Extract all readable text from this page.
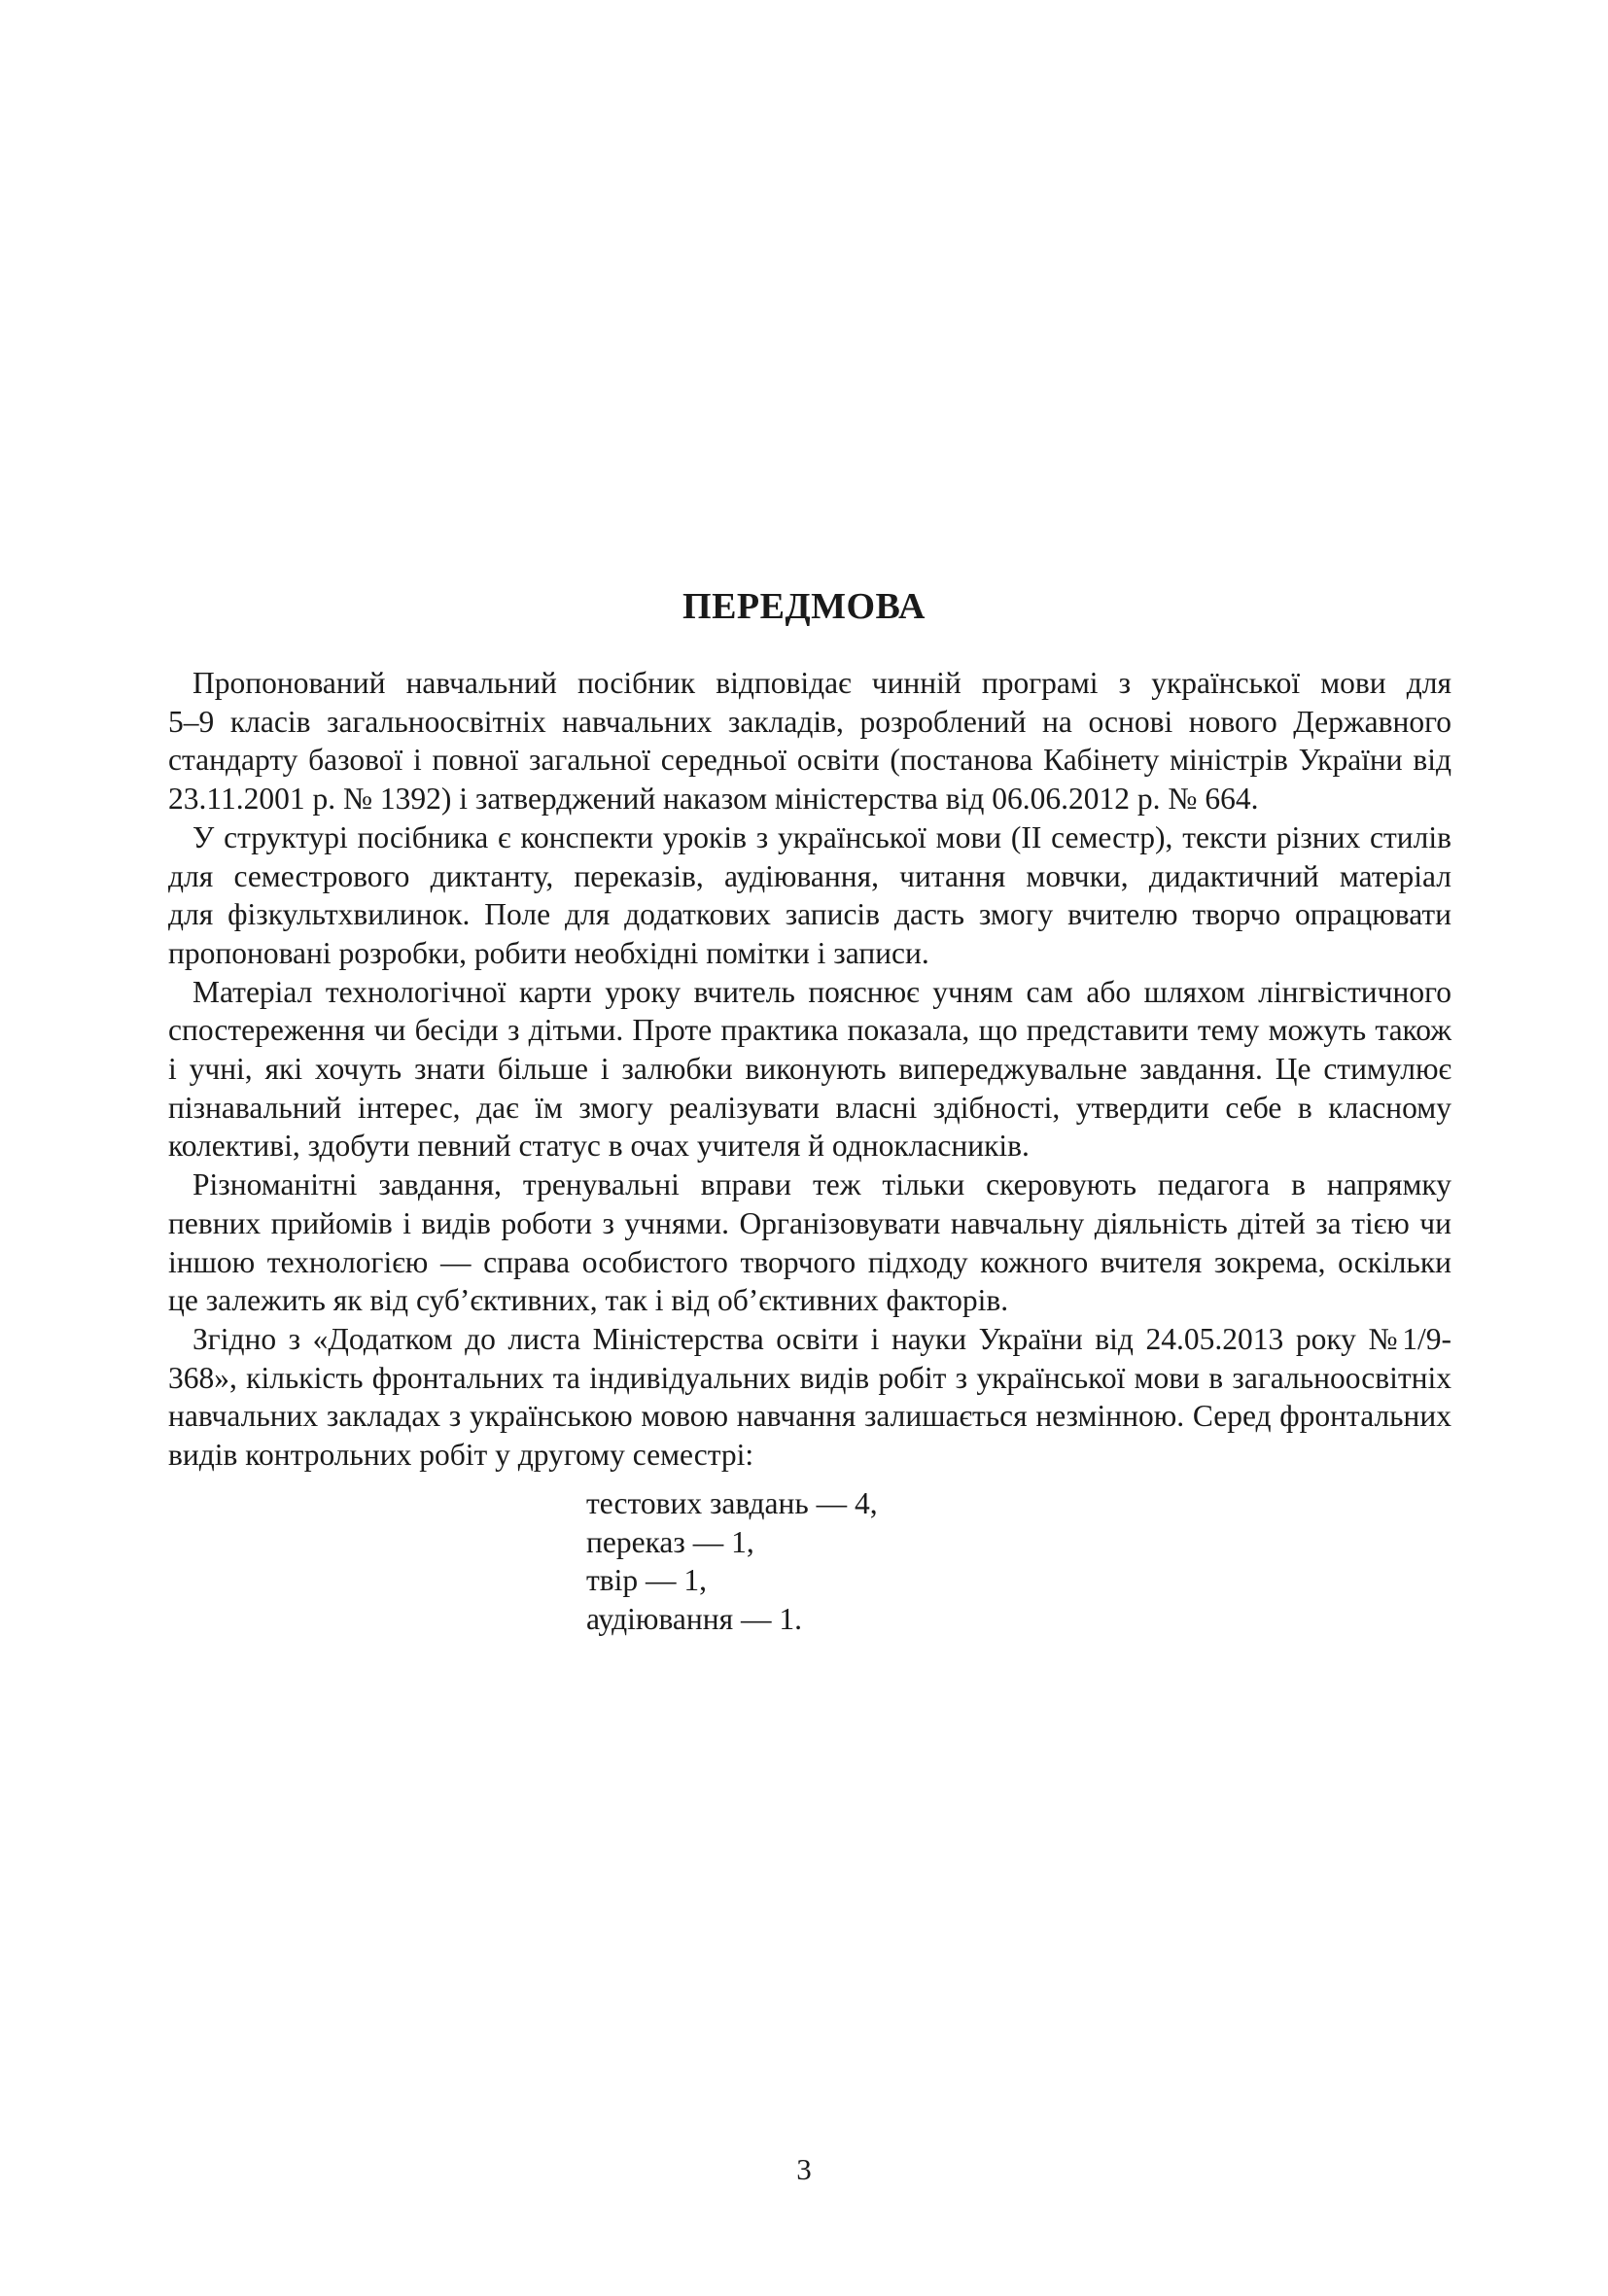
ПЕРЕДМОВА
Пропонований навчальний посібник відповідає чинній програмі з української мови для
5–9 класів загальноосвітніх навчальних закладів, розроблений на основі нового Державного
стандарту базової і повної загальної середньої освіти (постанова Кабінету міністрів України від
23.11.2001 р. № 1392) і затверджений наказом міністерства від 06.06.2012 р. № 664.
У структурі посібника є конспекти уроків з української мови (II семестр), тексти різних стилів
для семестрового диктанту, переказів, аудіювання, читання мовчки, дидактичний матеріал
для фізкультхвилинок. Поле для додаткових записів дасть змогу вчителю творчо опрацювати
пропоновані розробки, робити необхідні помітки і записи.
Матеріал технологічної карти уроку вчитель пояснює учням сам або шляхом лінгвістичного
спостереження чи бесіди з дітьми. Проте практика показала, що представити тему можуть також
і учні, які хочуть знати більше і залюбки виконують випереджувальне завдання. Це стимулює
пізнавальний інтерес, дає їм змогу реалізувати власні здібності, утвердити себе в класному
колективі, здобути певний статус в очах учителя й однокласників.
Різноманітні завдання, тренувальні вправи теж тільки скеровують педагога в напрямку
певних прийомів і видів роботи з учнями. Організовувати навчальну діяльність дітей за тією чи
іншою технологією — справа особистого творчого підходу кожного вчителя зокрема, оскільки
це залежить як від суб’єктивних, так і від об’єктивних факторів.
Згідно з «Додатком до листа Міністерства освіти і науки України від 24.05.2013 року №1/9-
368», кількість фронтальних та індивідуальних видів робіт з української мови в загальноосвітніх
навчальних закладах з українською мовою навчання залишається незмінною. Серед фронтальних
видів контрольних робіт у другому семестрі:
тестових завдань — 4,
переказ — 1,
твір — 1,
аудіювання — 1.
3
